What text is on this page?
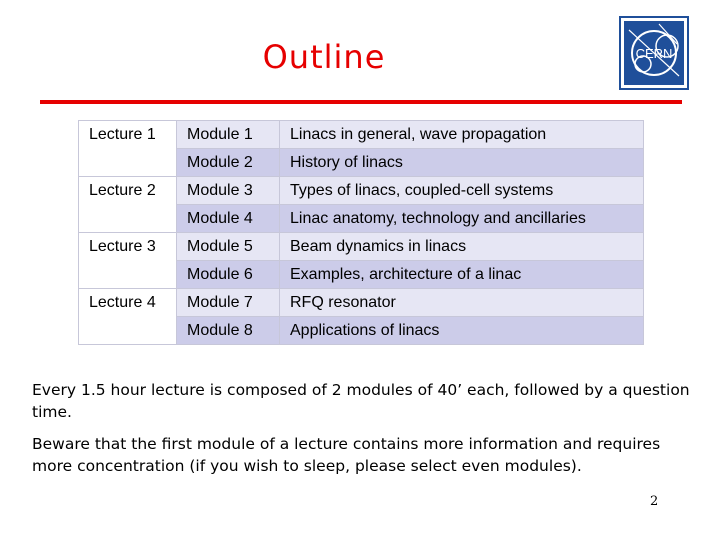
Outline	CERN
Lecture 1	Module 1	Linacs in general, wave propagation
	Module 2	History of linacs
Lecture 2	Module 3	Types of linacs, coupled-cell systems
	Module 4	Linac anatomy, technology and ancillaries
Lecture 3	Module 5	Beam dynamics in linacs
	Module 6	Examples, architecture of a linac
Lecture 4	Module 7	RFQ resonator
	Module 8	Applications of linacs
Every 1.5 hour lecture is composed of 2 modules of 40’ each, followed by a question time.
Beware that the first module of a lecture contains more information and requires more concentration (if you wish to sleep, please select even modules).
2
